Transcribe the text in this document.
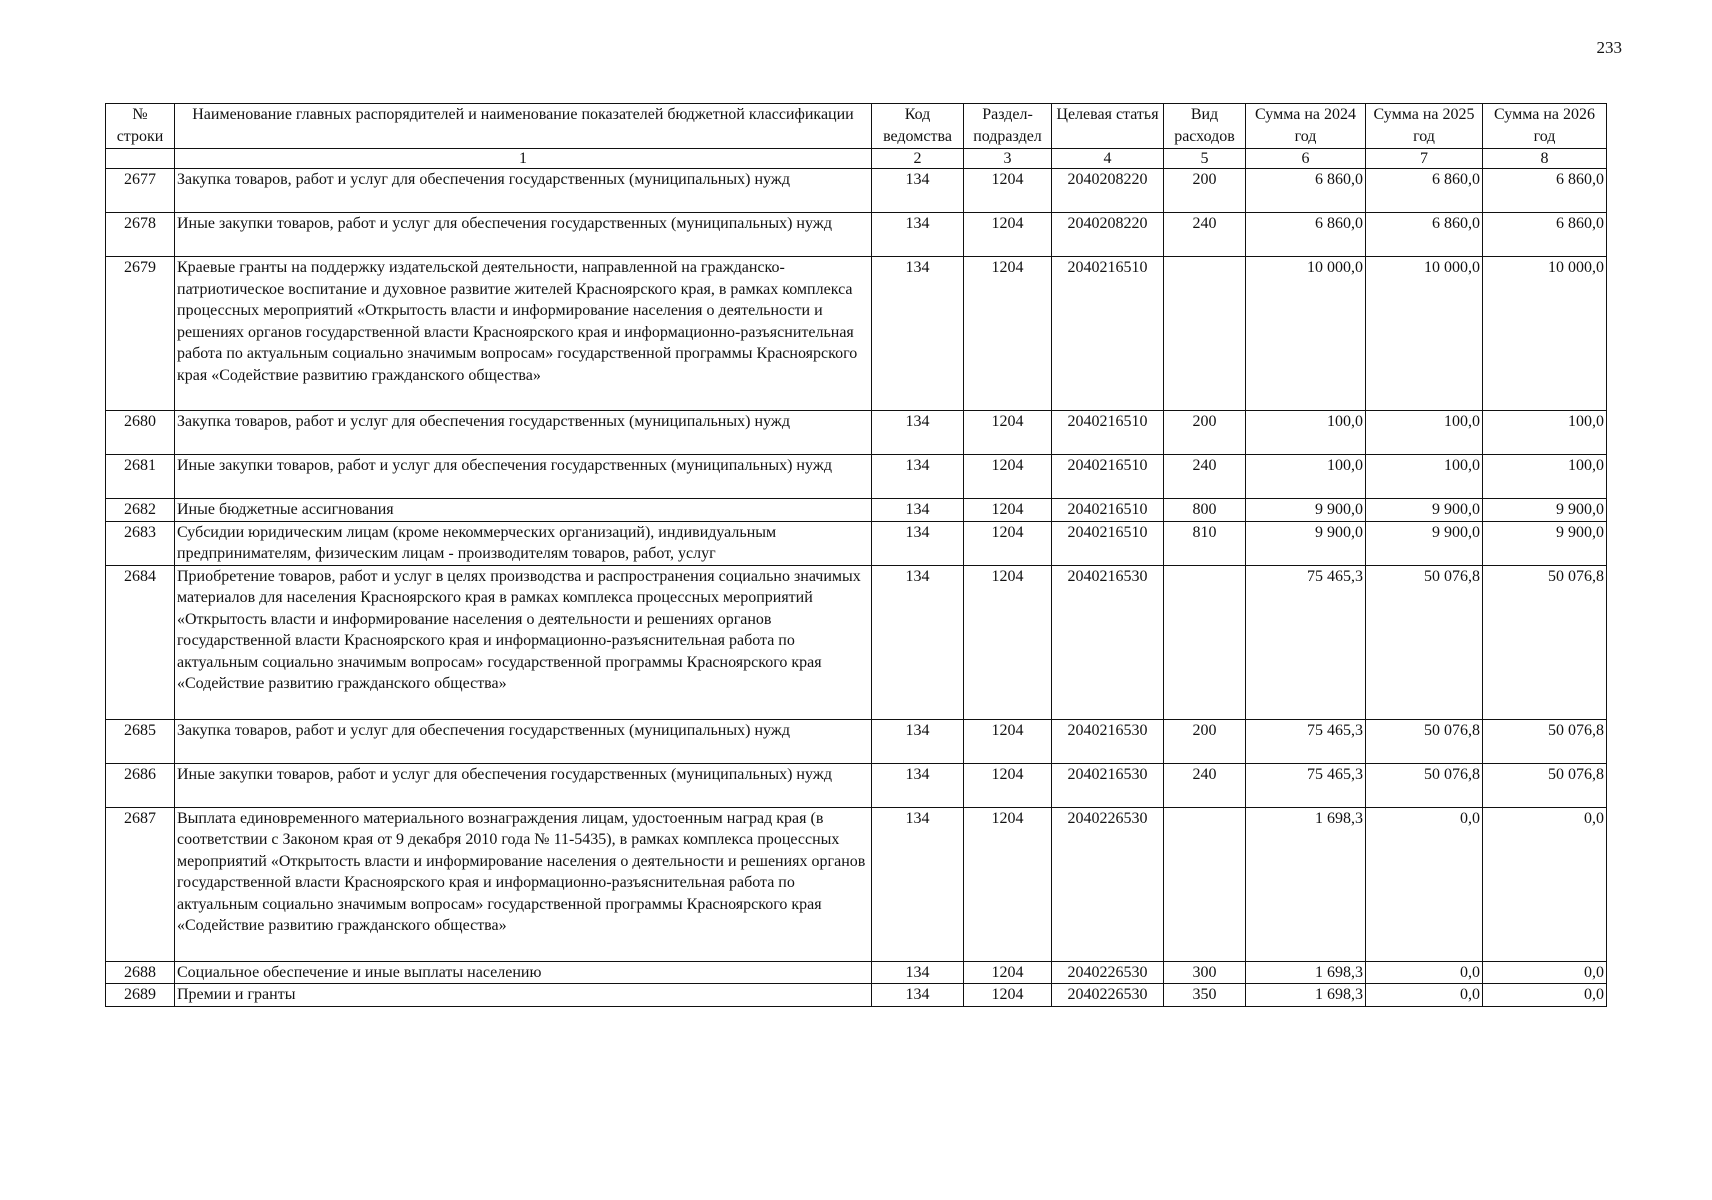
233
№ строки	Наименование главных распорядителей и наименование показателей бюджетной классификации	Код ведомства	Раздел-подраздел	Целевая статья	Вид расходов	Сумма на 2024 год	Сумма на 2025 год	Сумма на 2026 год
	1	2	3	4	5	6	7	8
2677	Закупка товаров, работ и услуг для обеспечения государственных (муниципальных) нужд	134	1204	2040208220	200	6 860,0	6 860,0	6 860,0
2678	Иные закупки товаров, работ и услуг для обеспечения государственных (муниципальных) нужд	134	1204	2040208220	240	6 860,0	6 860,0	6 860,0
2679	Краевые гранты на поддержку издательской деятельности, направленной на гражданско-патриотическое воспитание и духовное развитие жителей Красноярского края, в рамках комплекса процессных мероприятий «Открытость власти и информирование населения о деятельности и решениях органов государственной власти Красноярского края и информационно-разъяснительная работа по актуальным социально значимым вопросам» государственной программы Красноярского края «Содействие развитию гражданского общества»	134	1204	2040216510		10 000,0	10 000,0	10 000,0
2680	Закупка товаров, работ и услуг для обеспечения государственных (муниципальных) нужд	134	1204	2040216510	200	100,0	100,0	100,0
2681	Иные закупки товаров, работ и услуг для обеспечения государственных (муниципальных) нужд	134	1204	2040216510	240	100,0	100,0	100,0
2682	Иные бюджетные ассигнования	134	1204	2040216510	800	9 900,0	9 900,0	9 900,0
2683	Субсидии юридическим лицам (кроме некоммерческих организаций), индивидуальным предпринимателям, физическим лицам - производителям товаров, работ, услуг	134	1204	2040216510	810	9 900,0	9 900,0	9 900,0
2684	Приобретение товаров, работ и услуг в целях производства и распространения социально значимых материалов для населения Красноярского края в рамках комплекса процессных мероприятий «Открытость власти и информирование населения о деятельности и решениях органов государственной власти Красноярского края и информационно-разъяснительная работа по актуальным социально значимым вопросам» государственной программы Красноярского края «Содействие развитию гражданского общества»	134	1204	2040216530		75 465,3	50 076,8	50 076,8
2685	Закупка товаров, работ и услуг для обеспечения государственных (муниципальных) нужд	134	1204	2040216530	200	75 465,3	50 076,8	50 076,8
2686	Иные закупки товаров, работ и услуг для обеспечения государственных (муниципальных) нужд	134	1204	2040216530	240	75 465,3	50 076,8	50 076,8
2687	Выплата единовременного материального вознаграждения лицам, удостоенным наград края (в соответствии с Законом края от 9 декабря 2010 года № 11-5435), в рамках комплекса процессных мероприятий «Открытость власти и информирование населения о деятельности и решениях органов государственной власти Красноярского края и информационно-разъяснительная работа по актуальным социально значимым вопросам» государственной программы Красноярского края «Содействие развитию гражданского общества»	134	1204	2040226530		1 698,3	0,0	0,0
2688	Социальное обеспечение и иные выплаты населению	134	1204	2040226530	300	1 698,3	0,0	0,0
2689	Премии и гранты	134	1204	2040226530	350	1 698,3	0,0	0,0
